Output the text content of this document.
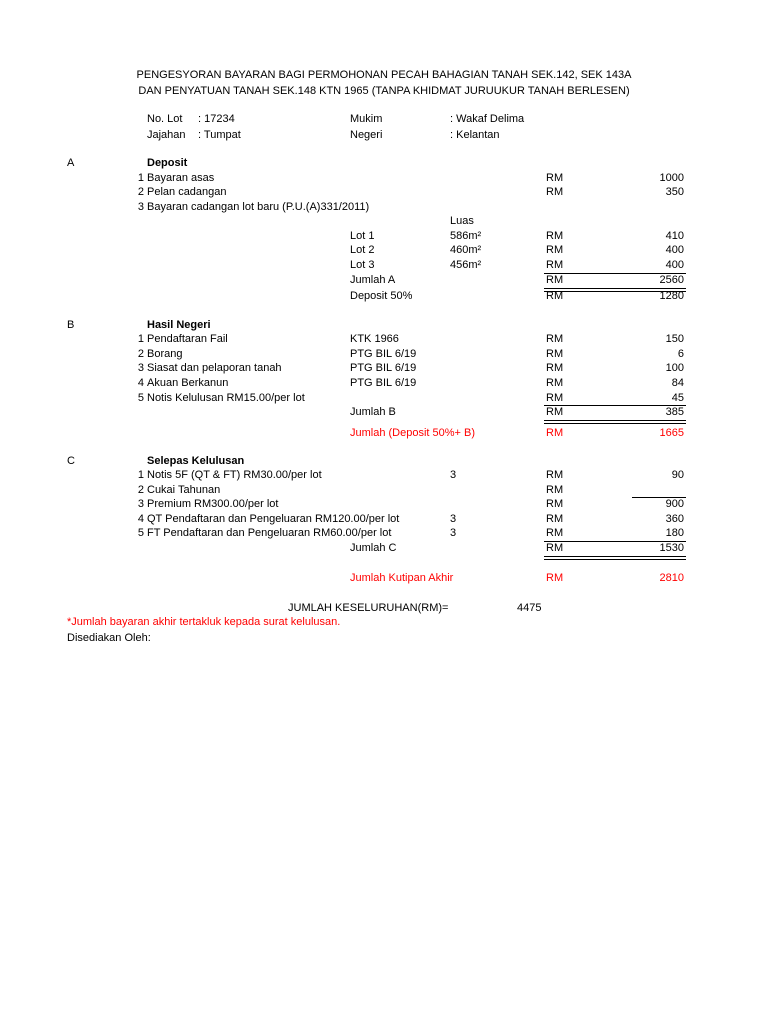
PENGESYORAN BAYARAN BAGI PERMOHONAN PECAH BAHAGIAN TANAH SEK.142, SEK 143A
DAN PENYATUAN TANAH SEK.148 KTN 1965 (TANPA KHIDMAT JURUUKUR TANAH BERLESEN)
No. Lot : 17234
Jajahan : Tumpat
Mukim	: Wakaf Delima
Negeri	: Kelantan
A	Deposit
1 Bayaran asas	RM	1000
2 Pelan cadangan	RM	350
3 Bayaran cadangan lot baru (P.U.(A)331/2011)
Luas
Lot 1	586m²	RM	410
Lot 2	460m²	RM	400
Lot 3	456m²	RM	400
Jumlah A	RM	2560
Deposit 50%	RM	1280
B	Hasil Negeri
1 Pendaftaran Fail	KTK 1966	RM	150
2 Borang	PTG BIL 6/19	RM	6
3 Siasat dan pelaporan tanah	PTG BIL 6/19	RM	100
4 Akuan Berkanun	PTG BIL 6/19	RM	84
5 Notis Kelulusan RM15.00/per lot	RM	45
Jumlah B	RM	385
Jumlah (Deposit 50%+ B)	RM	1665
C	Selepas Kelulusan
1 Notis 5F (QT & FT) RM30.00/per lot	3	RM	90
2 Cukai Tahunan	RM
3 Premium RM300.00/per lot	RM	900
4 QT Pendaftaran dan Pengeluaran RM120.00/per lot	3	RM	360
5 FT Pendaftaran dan Pengeluaran RM60.00/per lot	3	RM	180
Jumlah C	RM	1530
Jumlah Kutipan Akhir	RM	2810
JUMLAH KESELURUHAN(RM)=	4475
*Jumlah bayaran akhir tertakluk kepada surat kelulusan.
Disediakan Oleh:
